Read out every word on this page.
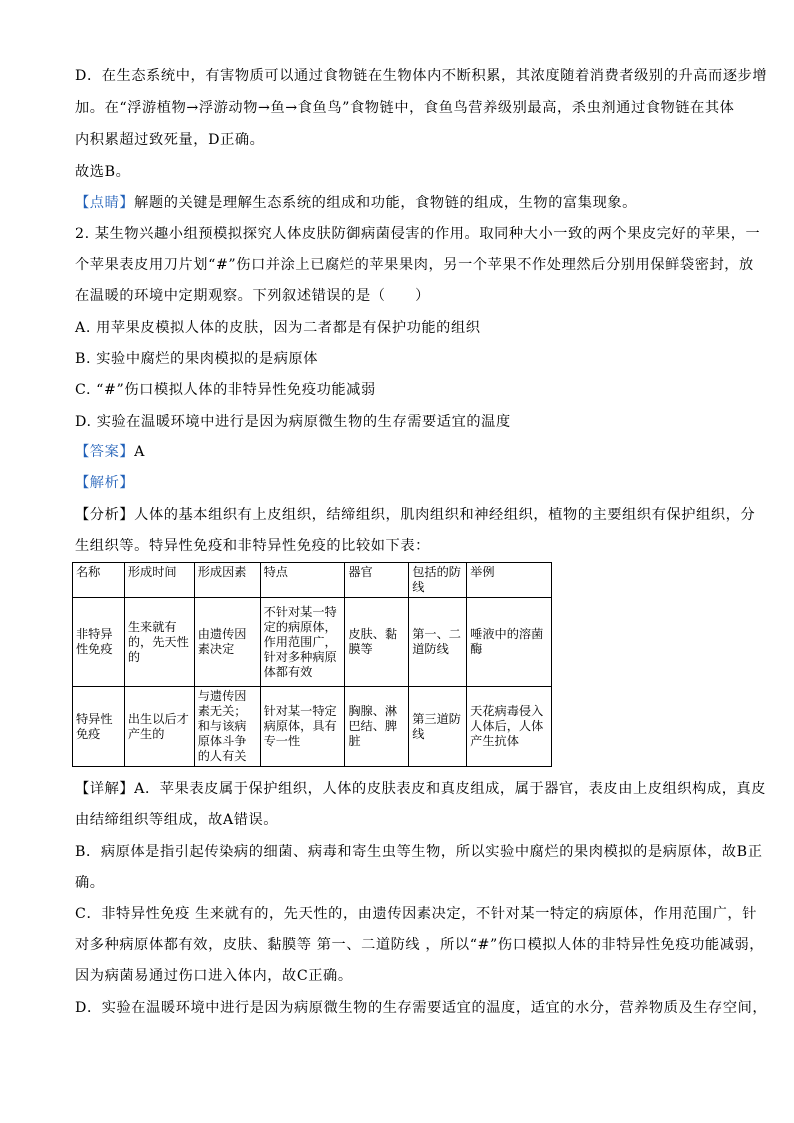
D．在生态系统中，有害物质可以通过食物链在生物体内不断积累，其浓度随着消费者级别的升高而逐步增
加。在“浮游植物→浮游动物→鱼→食鱼鸟”食物链中，食鱼鸟营养级别最高，杀虫剂通过食物链在其体
内积累超过致死量，D正确。
故选B。
【点睛】解题的关键是理解生态系统的组成和功能，食物链的组成，生物的富集现象。
2. 某生物兴趣小组预模拟探究人体皮肤防御病菌侵害的作用。取同种大小一致的两个果皮完好的苹果，一
个苹果表皮用刀片划“#”伤口并涂上已腐烂的苹果果肉，另一个苹果不作处理然后分别用保鲜袋密封，放
在温暖的环境中定期观察。下列叙述错误的是（　　）
A. 用苹果皮模拟人体的皮肤，因为二者都是有保护功能的组织
B. 实验中腐烂的果肉模拟的是病原体
C. “#”伤口模拟人体的非特异性免疫功能减弱
D. 实验在温暖环境中进行是因为病原微生物的生存需要适宜的温度
【答案】A
【解析】
【分析】人体的基本组织有上皮组织，结缔组织，肌肉组织和神经组织，植物的主要组织有保护组织，分
生组织等。特异性免疫和非特异性免疫的比较如下表：
名称	形成时间	形成因素	特点	器官	包括的防线	举例
非特异性免疫	生来就有的，先天性的	由遗传因素决定	不针对某一特定的病原体，作用范围广，针对多种病原体都有效	皮肤、黏膜等	第一、二道防线	唾液中的溶菌酶
特异性免疫	出生以后才产生的	与遗传因素无关；和与该病原体斗争的人有关	针对某一特定病原体，具有专一性	胸腺、淋巴结、脾脏	第三道防线	天花病毒侵入人体后，人体产生抗体
【详解】A．苹果表皮属于保护组织，人体的皮肤表皮和真皮组成，属于器官，表皮由上皮组织构成，真皮
由结缔组织等组成，故A错误。
B．病原体是指引起传染病的细菌、病毒和寄生虫等生物，所以实验中腐烂的果肉模拟的是病原体，故B正
确。
C．非特异性免疫 生来就有的，先天性的，由遗传因素决定，不针对某一特定的病原体，作用范围广，针
对多种病原体都有效，皮肤、黏膜等 第一、二道防线 ，所以“#”伤口模拟人体的非特异性免疫功能减弱，
因为病菌易通过伤口进入体内，故C正确。
D．实验在温暖环境中进行是因为病原微生物的生存需要适宜的温度，适宜的水分，营养物质及生存空间，
